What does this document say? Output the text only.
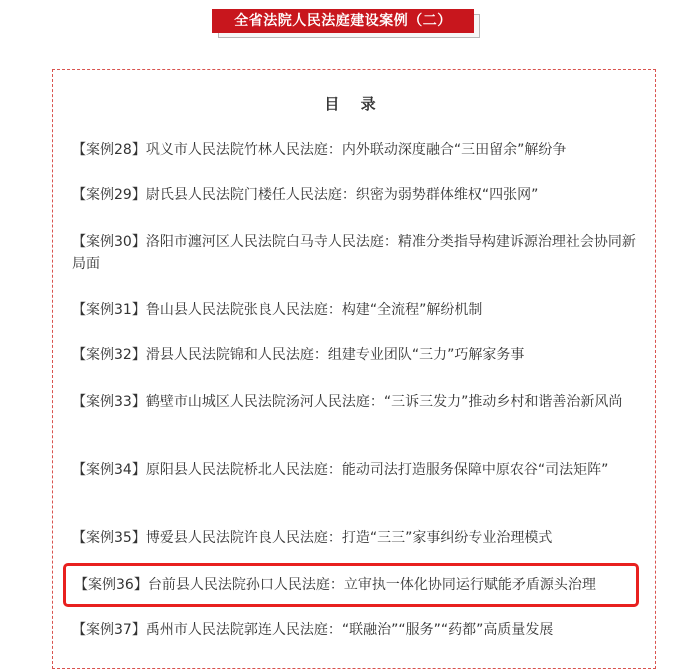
全省法院人民法庭建设案例（二）
目 录
【案例28】巩义市人民法院竹林人民法庭：内外联动深度融合“三田留余”解纷争
【案例29】尉氏县人民法院门楼任人民法庭：织密为弱势群体维权“四张网”
【案例30】洛阳市瀍河区人民法院白马寺人民法庭：精准分类指导构建诉源治理社会协同新局面
【案例31】鲁山县人民法院张良人民法庭：构建“全流程”解纷机制
【案例32】滑县人民法院锦和人民法庭：组建专业团队“三力”巧解家务事
【案例33】鹤壁市山城区人民法院汤河人民法庭：“三诉三发力”推动乡村和谐善治新风尚
【案例34】原阳县人民法院桥北人民法庭：能动司法打造服务保障中原农谷“司法矩阵”
【案例35】博爱县人民法院许良人民法庭：打造“三三”家事纠纷专业治理模式
【案例36】台前县人民法院孙口人民法庭：立审执一体化协同运行赋能矛盾源头治理
【案例37】禹州市人民法院郭连人民法庭：“联融治”“服务”“药都”高质量发展
